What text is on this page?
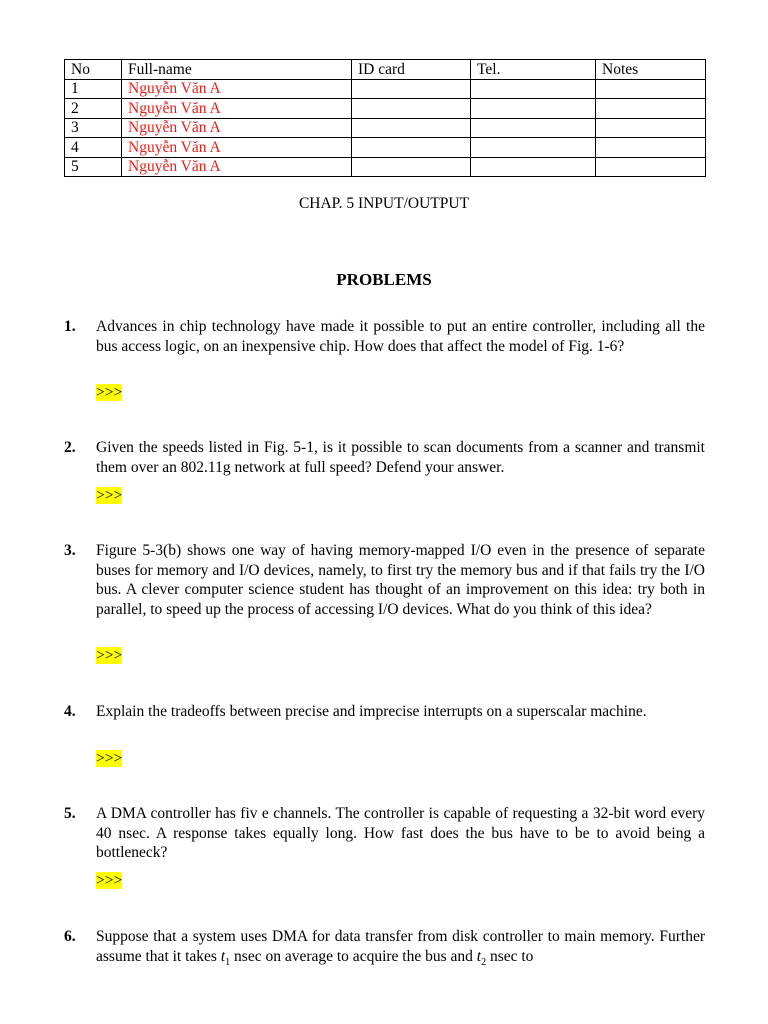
No	Full-name	ID card	Tel.	Notes
1	Nguyễn Văn A			
2	Nguyễn Văn A			
3	Nguyễn Văn A			
4	Nguyễn Văn A			
5	Nguyễn Văn A			
CHAP. 5 INPUT/OUTPUT
PROBLEMS
1. Advances in chip technology have made it possible to put an entire controller, including all the bus access logic, on an inexpensive chip. How does that affect the model of Fig. 1-6?
>>>
2. Given the speeds listed in Fig. 5-1, is it possible to scan documents from a scanner and transmit them over an 802.11g network at full speed? Defend your answer.
>>>
3. Figure 5-3(b) shows one way of having memory-mapped I/O even in the presence of separate buses for memory and I/O devices, namely, to first try the memory bus and if that fails try the I/O bus. A clever computer science student has thought of an improvement on this idea: try both in parallel, to speed up the process of accessing I/O devices. What do you think of this idea?
>>>
4. Explain the tradeoffs between precise and imprecise interrupts on a superscalar machine.
>>>
5. A DMA controller has fiv e channels. The controller is capable of requesting a 32-bit word every 40 nsec. A response takes equally long. How fast does the bus have to be to avoid being a bottleneck?
>>>
6. Suppose that a system uses DMA for data transfer from disk controller to main memory. Further assume that it takes $t_1$ nsec on average to acquire the bus and $t_2$ nsec to
